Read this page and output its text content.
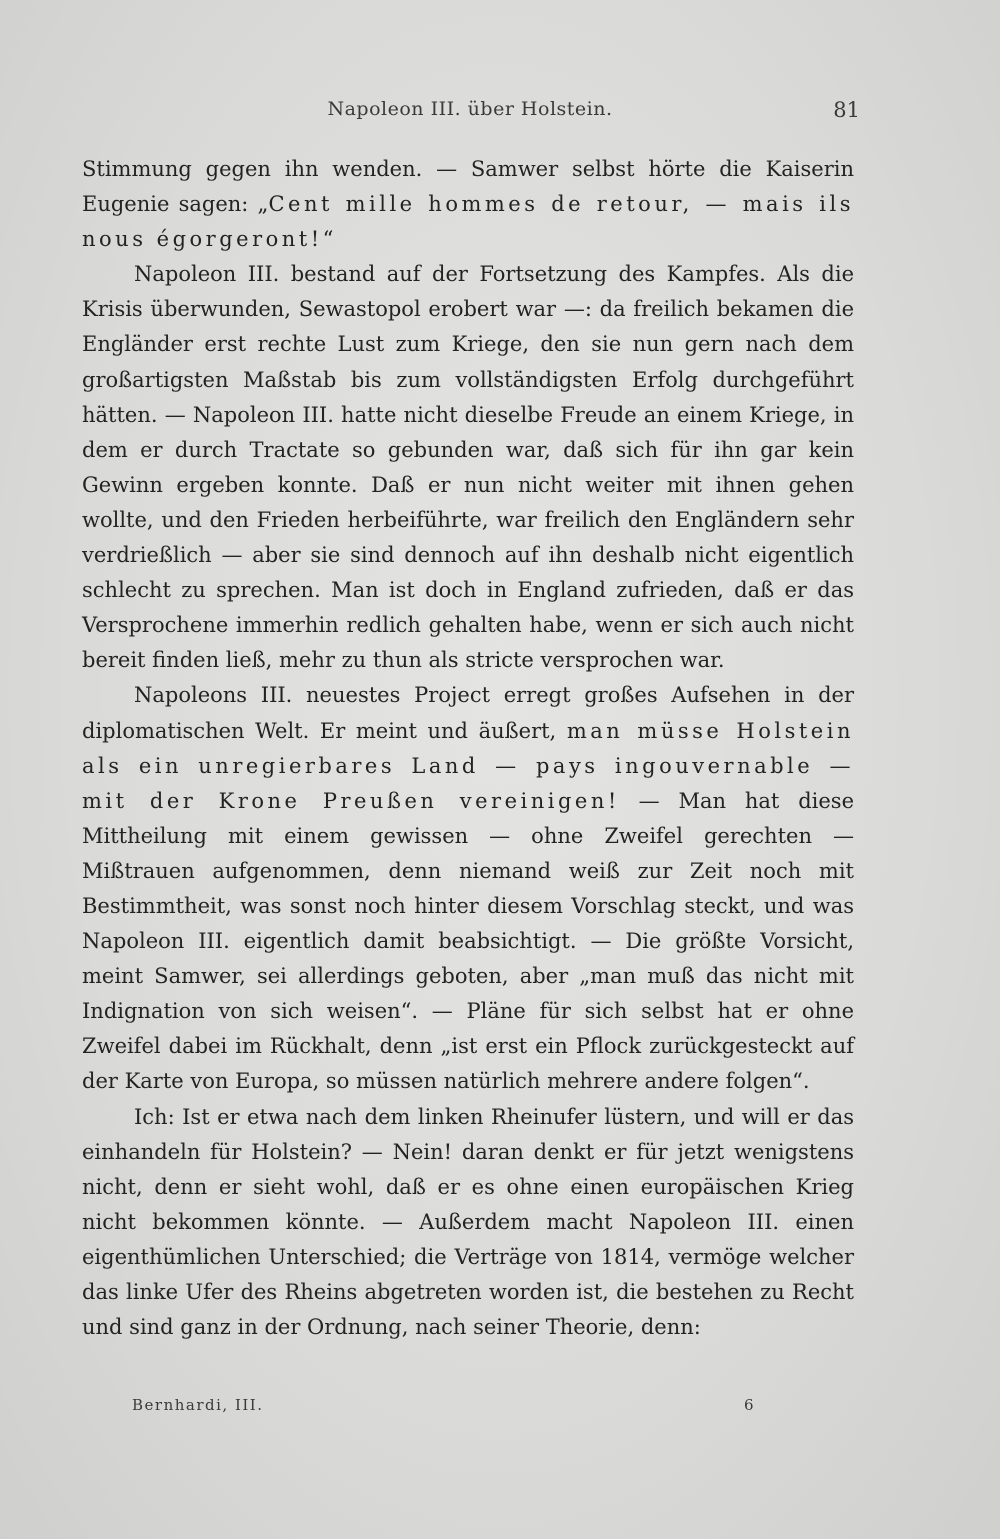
Napoleon III. über Holstein.	81

Stimmung gegen ihn wenden. — Samwer selbst hörte die Kaiserin Eugenie sagen: „Cent mille hommes de retour, — mais ils nous égorgeront!“

Napoleon III. bestand auf der Fortsetzung des Kampfes. Als die Krisis überwunden, Sewastopol erobert war —: da freilich bekamen die Engländer erst rechte Lust zum Kriege, den sie nun gern nach dem großartigsten Maßstab bis zum vollständigsten Erfolg durchgeführt hätten. — Napoleon III. hatte nicht dieselbe Freude an einem Kriege, in dem er durch Tractate so gebunden war, daß sich für ihn gar kein Gewinn ergeben konnte. Daß er nun nicht weiter mit ihnen gehen wollte, und den Frieden herbeiführte, war freilich den Engländern sehr verdrießlich — aber sie sind dennoch auf ihn deshalb nicht eigentlich schlecht zu sprechen. Man ist doch in England zufrieden, daß er das Versprochene immerhin redlich gehalten habe, wenn er sich auch nicht bereit finden ließ, mehr zu thun als stricte versprochen war.

Napoleons III. neuestes Project erregt großes Aufsehen in der diplomatischen Welt. Er meint und äußert, man müsse Holstein als ein unregierbares Land — pays ingouvernable — mit der Krone Preußen vereinigen! — Man hat diese Mittheilung mit einem gewissen — ohne Zweifel gerechten — Mißtrauen aufgenommen, denn niemand weiß zur Zeit noch mit Bestimmtheit, was sonst noch hinter diesem Vorschlag steckt, und was Napoleon III. eigentlich damit beabsichtigt. — Die größte Vorsicht, meint Samwer, sei allerdings geboten, aber „man muß das nicht mit Indignation von sich weisen“. — Pläne für sich selbst hat er ohne Zweifel dabei im Rückhalt, denn „ist erst ein Pflock zurückgesteckt auf der Karte von Europa, so müssen natürlich mehrere andere folgen“.

Ich: Ist er etwa nach dem linken Rheinufer lüstern, und will er das einhandeln für Holstein? — Nein! daran denkt er für jetzt wenigstens nicht, denn er sieht wohl, daß er es ohne einen europäischen Krieg nicht bekommen könnte. — Außerdem macht Napoleon III. einen eigenthümlichen Unterschied; die Verträge von 1814, vermöge welcher das linke Ufer des Rheins abgetreten worden ist, die bestehen zu Recht und sind ganz in der Ordnung, nach seiner Theorie, denn:

Bernhardi, III.	6
